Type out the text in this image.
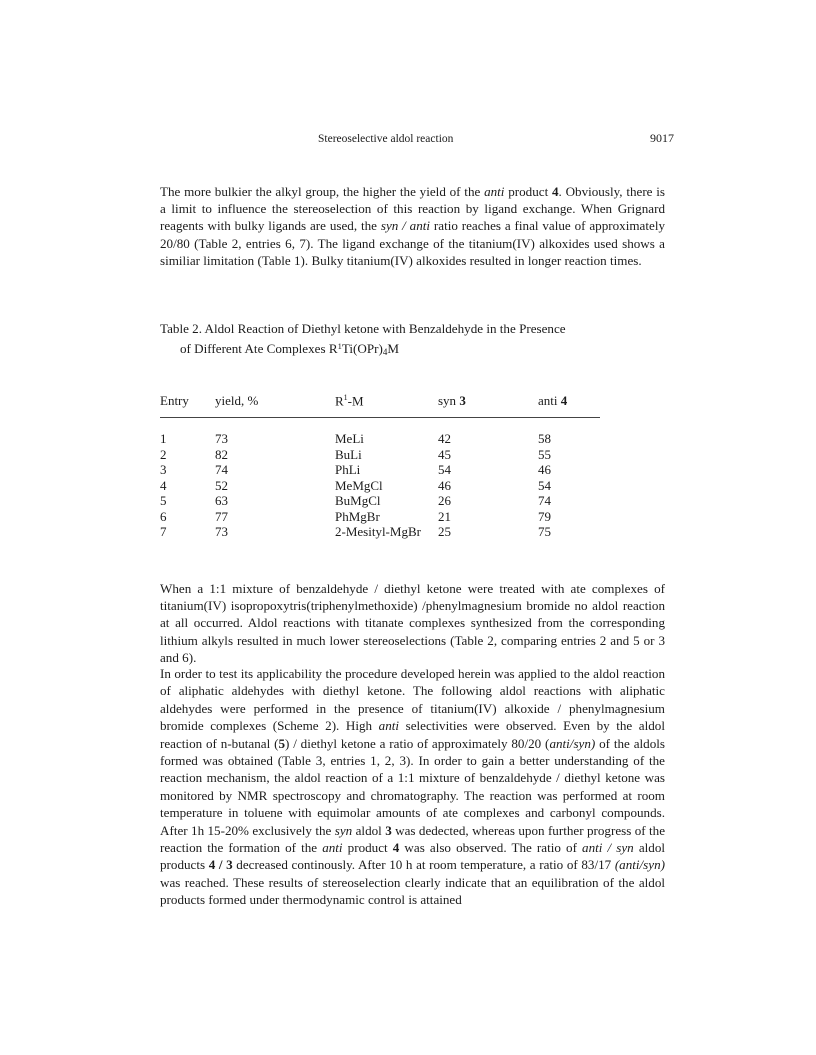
Stereoselective aldol reaction	9017

The more bulkier the alkyl group, the higher the yield of the anti product 4. Obviously, there is a limit to influence the stereoselection of this reaction by ligand exchange. When Grignard reagents with bulky ligands are used, the syn / anti ratio reaches a final value of approximately 20/80 (Table 2, entries 6, 7). The ligand exchange of the titanium(IV) alkoxides used shows a similiar limitation (Table 1). Bulky titanium(IV) alkoxides resulted in longer reaction times.

Table 2. Aldol Reaction of Diethyl ketone with Benzaldehyde in the Presence
of Different Ate Complexes $R^1Ti(OPr)_4M$
Entry	yield, %	$R^1-M$	syn 3	anti 4
1	73	MeLi	42	58
2	82	BuLi	45	55
3	74	PhLi	54	46
4	52	MeMgCl	46	54
5	63	BuMgCl	26	74
6	77	PhMgBr	21	79
7	73	2-Mesityl-MgBr	25	75

When a 1:1 mixture of benzaldehyde / diethyl ketone were treated with ate complexes of titanium(IV) isopropoxytris(triphenylmethoxide) /phenylmagnesium bromide no aldol reaction at all occurred. Aldol reactions with titanate complexes synthesized from the corresponding lithium alkyls resulted in much lower stereoselections (Table 2, comparing entries 2 and 5 or 3 and 6).

In order to test its applicability the procedure developed herein was applied to the aldol reaction of aliphatic aldehydes with diethyl ketone. The following aldol reactions with aliphatic aldehydes were performed in the presence of titanium(IV) alkoxide / phenylmagnesium bromide complexes (Scheme 2). High anti selectivities were observed. Even by the aldol reaction of n-butanal (5) / diethyl ketone a ratio of approximately 80/20 (anti/syn) of the aldols formed was obtained (Table 3, entries 1, 2, 3). In order to gain a better understanding of the reaction mechanism, the aldol reaction of a 1:1 mixture of benzaldehyde / diethyl ketone was monitored by NMR spectroscopy and chromatography. The reaction was performed at room temperature in toluene with equimolar amounts of ate complexes and carbonyl compounds. After 1h 15-20% exclusively the syn aldol 3 was dedected, whereas upon further progress of the reaction the formation of the anti product 4 was also observed. The ratio of anti / syn aldol products 4 / 3 decreased continously. After 10 h at room temperature, a ratio of 83/17 (anti/syn) was reached. These results of stereoselection clearly indicate that an equilibration of the aldol products formed under thermodynamic control is attained
